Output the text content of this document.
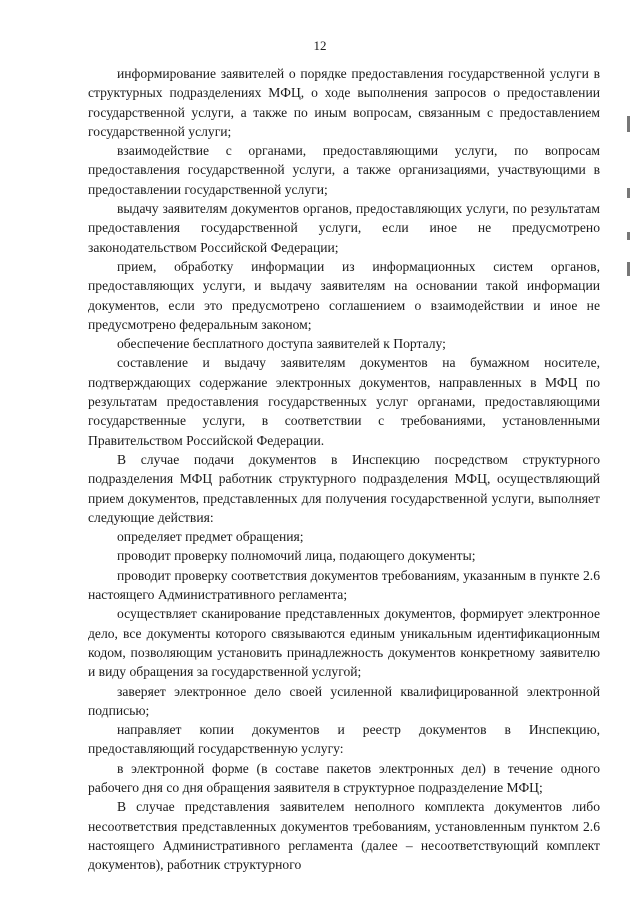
12

информирование заявителей о порядке предоставления государственной услуги в структурных подразделениях МФЦ, о ходе выполнения запросов о предоставлении государственной услуги, а также по иным вопросам, связанным с предоставлением государственной услуги;

взаимодействие с органами, предоставляющими услуги, по вопросам предоставления государственной услуги, а также организациями, участвующими в предоставлении государственной услуги;

выдачу заявителям документов органов, предоставляющих услуги, по результатам предоставления государственной услуги, если иное не предусмотрено законодательством Российской Федерации;

прием, обработку информации из информационных систем органов, предоставляющих услуги, и выдачу заявителям на основании такой информации документов, если это предусмотрено соглашением о взаимодействии и иное не предусмотрено федеральным законом;

обеспечение бесплатного доступа заявителей к Порталу;

составление и выдачу заявителям документов на бумажном носителе, подтверждающих содержание электронных документов, направленных в МФЦ по результатам предоставления государственных услуг органами, предоставляющими государственные услуги, в соответствии с требованиями, установленными Правительством Российской Федерации.

В случае подачи документов в Инспекцию посредством структурного подразделения МФЦ работник структурного подразделения МФЦ, осуществляющий прием документов, представленных для получения государственной услуги, выполняет следующие действия:

определяет предмет обращения;

проводит проверку полномочий лица, подающего документы;

проводит проверку соответствия документов требованиям, указанным в пункте 2.6 настоящего Административного регламента;

осуществляет сканирование представленных документов, формирует электронное дело, все документы которого связываются единым уникальным идентификационным кодом, позволяющим установить принадлежность документов конкретному заявителю и виду обращения за государственной услугой;

заверяет электронное дело своей усиленной квалифицированной электронной подписью;

направляет копии документов и реестр документов в Инспекцию, предоставляющий государственную услугу:

в электронной форме (в составе пакетов электронных дел) в течение одного рабочего дня со дня обращения заявителя в структурное подразделение МФЦ;

В случае представления заявителем неполного комплекта документов либо несоответствия представленных документов требованиям, установленным пунктом 2.6 настоящего Административного регламента (далее – несоответствующий комплект документов), работник структурного
